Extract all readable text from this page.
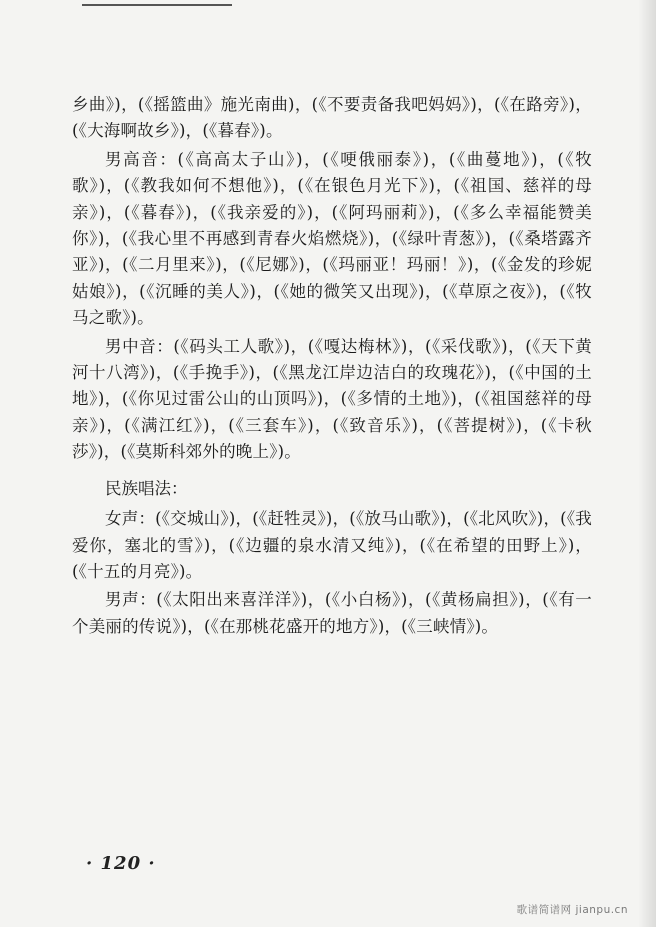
乡曲》)，(《摇篮曲》施光南曲)，(《不要责备我吧妈妈》)，(《在路旁》)，(《大海啊故乡》)，(《暮春》)。

男高音：(《高高太子山》)，(《哽俄丽泰》)，(《曲蔓地》)，(《牧歌》)，(《教我如何不想他》)，(《在银色月光下》)，(《祖国、慈祥的母亲》)，(《暮春》)，(《我亲爱的》)，(《阿玛丽莉》)，(《多么幸福能赞美你》)，(《我心里不再感到青春火焰燃烧》)，(《绿叶青葱》)，(《桑塔露齐亚》)，(《二月里来》)，(《尼娜》)，(《玛丽亚！玛丽！》)，(《金发的珍妮姑娘》)，(《沉睡的美人》)，(《她的微笑又出现》)，(《草原之夜》)，(《牧马之歌》)。

男中音：(《码头工人歌》)，(《嘎达梅林》)，(《采伐歌》)，(《天下黄河十八湾》)，(《手挽手》)，(《黑龙江岸边洁白的玫瑰花》)，(《中国的土地》)，(《你见过雷公山的山顶吗》)，(《多情的土地》)，(《祖国慈祥的母亲》)，(《满江红》)，(《三套车》)，(《致音乐》)，(《菩提树》)，(《卡秋莎》)，(《莫斯科郊外的晚上》)。

民族唱法：

女声：(《交城山》)，(《赶牲灵》)，(《放马山歌》)，(《北风吹》)，(《我爱你，塞北的雪》)，(《边疆的泉水清又纯》)，(《在希望的田野上》)，(《十五的月亮》)。

男声：(《太阳出来喜洋洋》)，(《小白杨》)，(《黄杨扁担》)，(《有一个美丽的传说》)，(《在那桃花盛开的地方》)，(《三峡情》)。

· 120 ·
歌谱简谱网 jianpu.cn
